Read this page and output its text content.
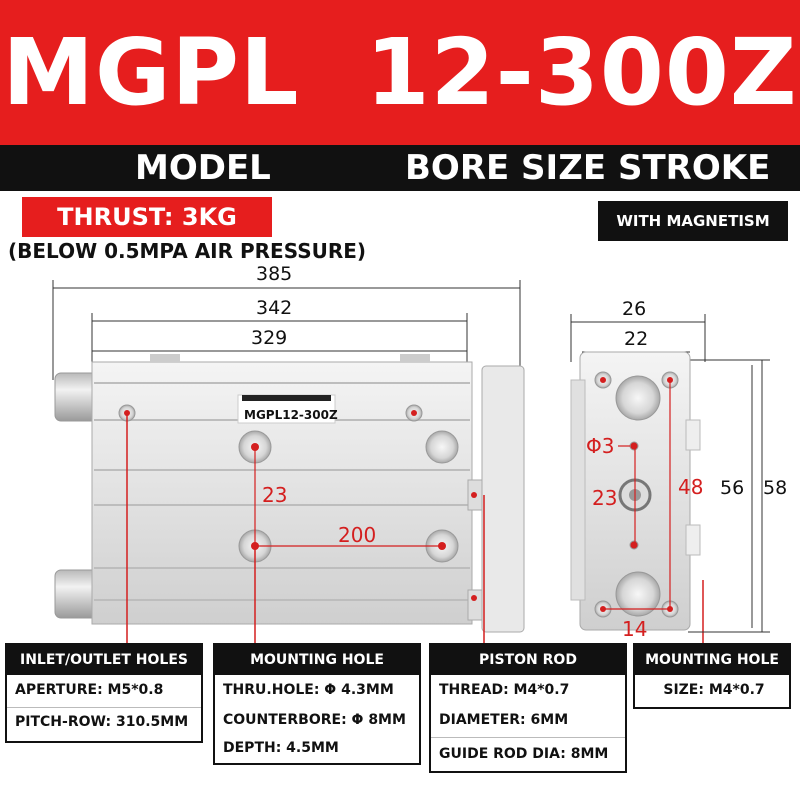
MGPL 12-300Z
MODEL	BORE SIZE STROKE
THRUST: 3KG
(BELOW 0.5MPA AIR PRESSURE)
WITH MAGNETISM
385
342
329
MGPL12-300Z
23
200
26
22
56 58
Φ3
23	48
14
INLET/OUTLET HOLES
APERTURE: M5*0.8
PITCH-ROW: 310.5MM
MOUNTING HOLE
THRU.HOLE: Φ 4.3MM
COUNTERBORE: Φ 8MM
DEPTH: 4.5MM
PISTON ROD
THREAD: M4*0.7
DIAMETER: 6MM
GUIDE ROD DIA: 8MM
MOUNTING HOLE
SIZE: M4*0.7
